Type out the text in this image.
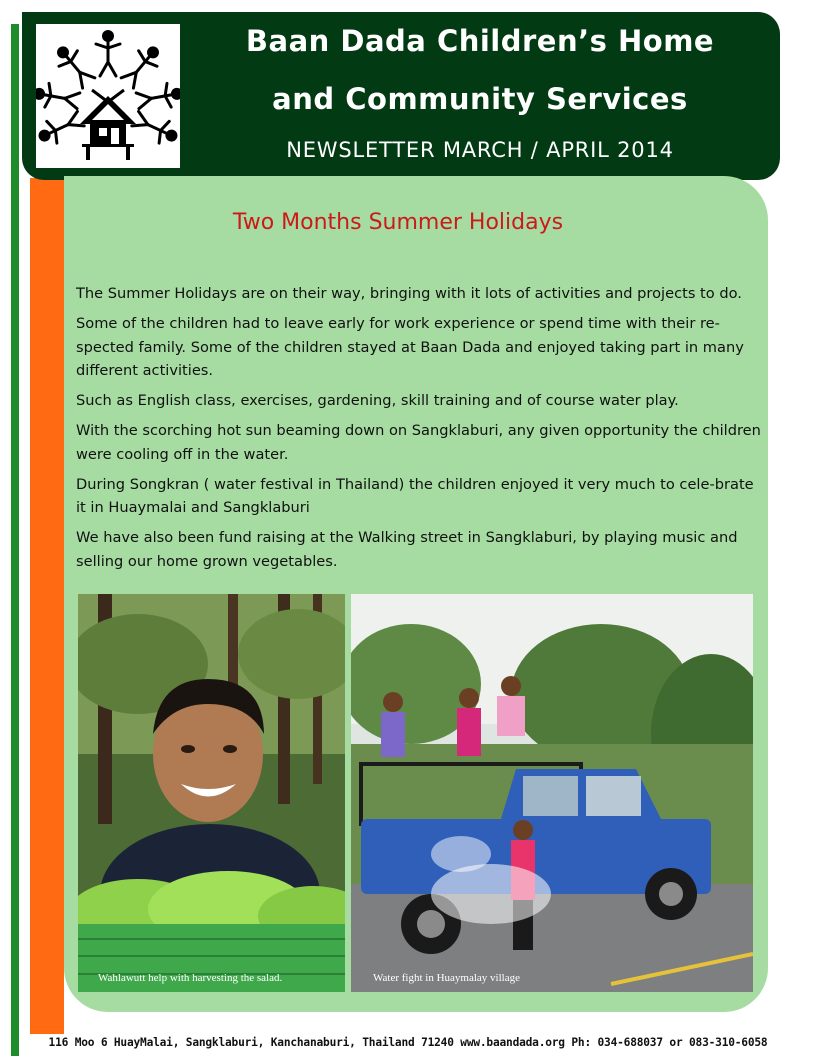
Baan Dada Children’s Home
and Community Services
NEWSLETTER MARCH / APRIL 2014
Two Months Summer Holidays

The Summer Holidays are on their way, bringing with it lots of activities and projects to do.

Some of the children had to leave early for work experience or spend time with their re-spected family. Some of the children stayed at Baan Dada and enjoyed taking part in many different activities.

Such as English class, exercises, gardening, skill training and of course water play.

With the scorching hot sun beaming down on Sangklaburi, any given opportunity the children were cooling off in the water.

During Songkran ( water festival in Thailand) the children enjoyed it very much to cele-brate it in Huaymalai and Sangklaburi

We have also been fund raising at the Walking street in Sangklaburi, by playing music and selling our home grown vegetables.

Wahlawutt help with harvesting the salad.	Water fight in Huaymalay village
116 Moo 6 HuayMalai, Sangklaburi, Kanchanaburi, Thailand 71240 www.baandada.org Ph: 034-688037 or 083-310-6058
